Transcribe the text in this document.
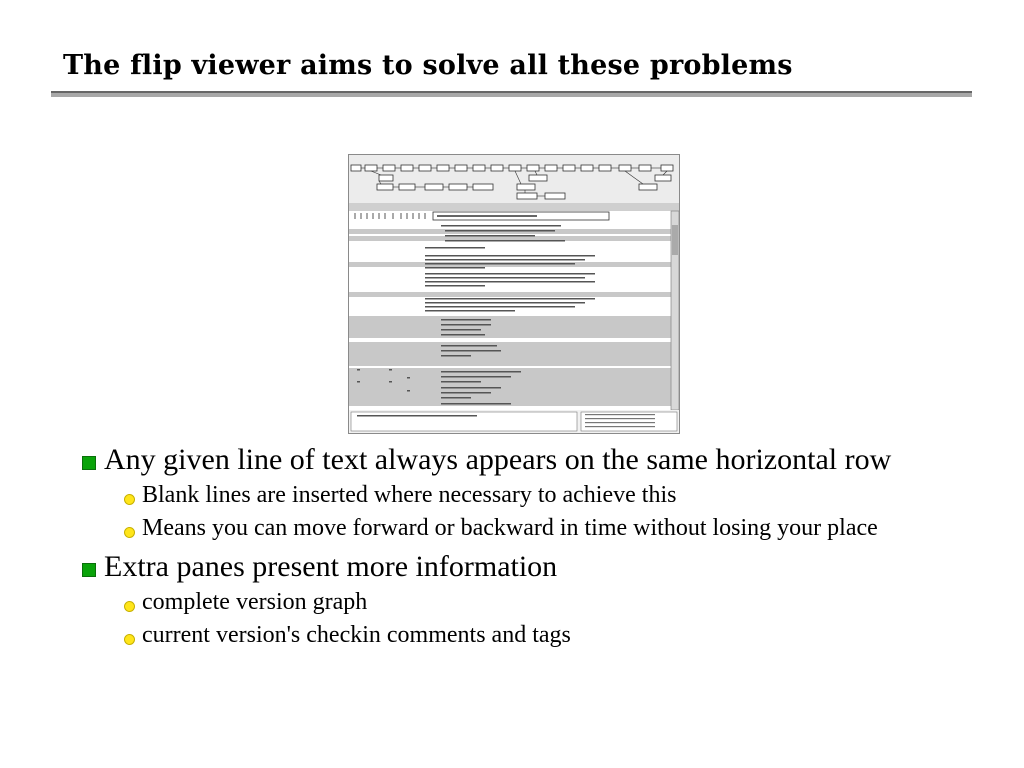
The flip viewer aims to solve all these problems
Any given line of text always appears on the same horizontal row
Blank lines are inserted where necessary to achieve this
Means you can move forward or backward in time without losing your place
Extra panes present more information
complete version graph
current version's checkin comments and tags
